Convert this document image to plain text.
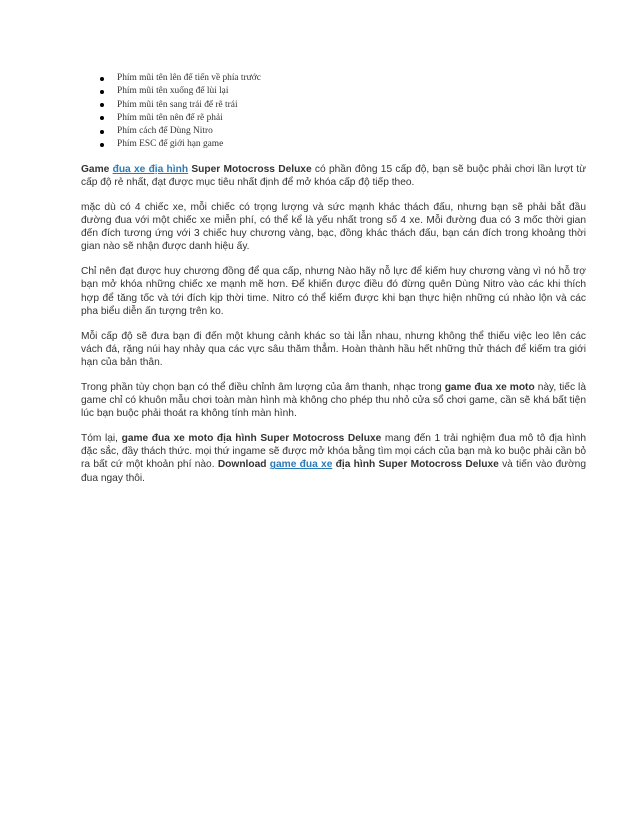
Phím mũi tên lên để tiến về phía trước
Phím mũi tên xuống để lùi lại
Phím mũi tên sang trái để rẽ trái
Phím mũi tên nên để rẽ phải
Phím cách để Dùng Nitro
Phím ESC để giới hạn game

Game đua xe địa hình Super Motocross Deluxe có phần đông 15 cấp độ, bạn sẽ buộc phải chơi lần lượt từ cấp độ rẻ nhất, đạt được mục tiêu nhất định để mở khóa cấp độ tiếp theo.

mặc dù có 4 chiếc xe, mỗi chiếc có trọng lượng và sức mạnh khác thách đấu, nhưng bạn sẽ phải bắt đầu đường đua với một chiếc xe miễn phí, có thể kể là yếu nhất trong số 4 xe. Mỗi đường đua có 3 mốc thời gian đến đích tương ứng với 3 chiếc huy chương vàng, bạc, đồng khác thách đấu, bạn cán đích trong khoảng thời gian nào sẽ nhận được danh hiệu ấy.

Chỉ nên đạt được huy chương đồng để qua cấp, nhưng Nào hãy nỗ lực để kiếm huy chương vàng vì nó hỗ trợ bạn mở khóa những chiếc xe mạnh mẽ hơn. Để khiến được điều đó đừng quên Dùng Nitro vào các khi thích hợp để tăng tốc và tới đích kịp thời time. Nitro có thể kiếm được khi bạn thực hiện những cú nhào lộn và các pha biểu diễn ấn tượng trên ko.

Mỗi cấp độ sẽ đưa bạn đi đến một khung cảnh khác so tài lẫn nhau, nhưng không thể thiếu việc leo lên các vách đá, rặng núi hay nhảy qua các vực sâu thăm thẳm. Hoàn thành hầu hết những thử thách để kiếm tra giới hạn của bản thân.

Trong phần tùy chọn bạn có thể điều chỉnh âm lượng của âm thanh, nhạc trong game đua xe moto này, tiếc là game chỉ có khuôn mẫu chơi toàn màn hình mà không cho phép thu nhỏ cửa sổ chơi game, cần sẽ khá bất tiện lúc bạn buộc phải thoát ra không tính màn hình.

Tóm lại, game đua xe moto địa hình Super Motocross Deluxe mang đến 1 trải nghiệm đua mô tô địa hình đặc sắc, đầy thách thức. mọi thứ ingame sẽ được mở khóa bằng tìm mọi cách của bạn mà ko buộc phải cần bỏ ra bất cứ một khoản phí nào. Download game đua xe địa hình Super Motocross Deluxe và tiến vào đường đua ngay thôi.
